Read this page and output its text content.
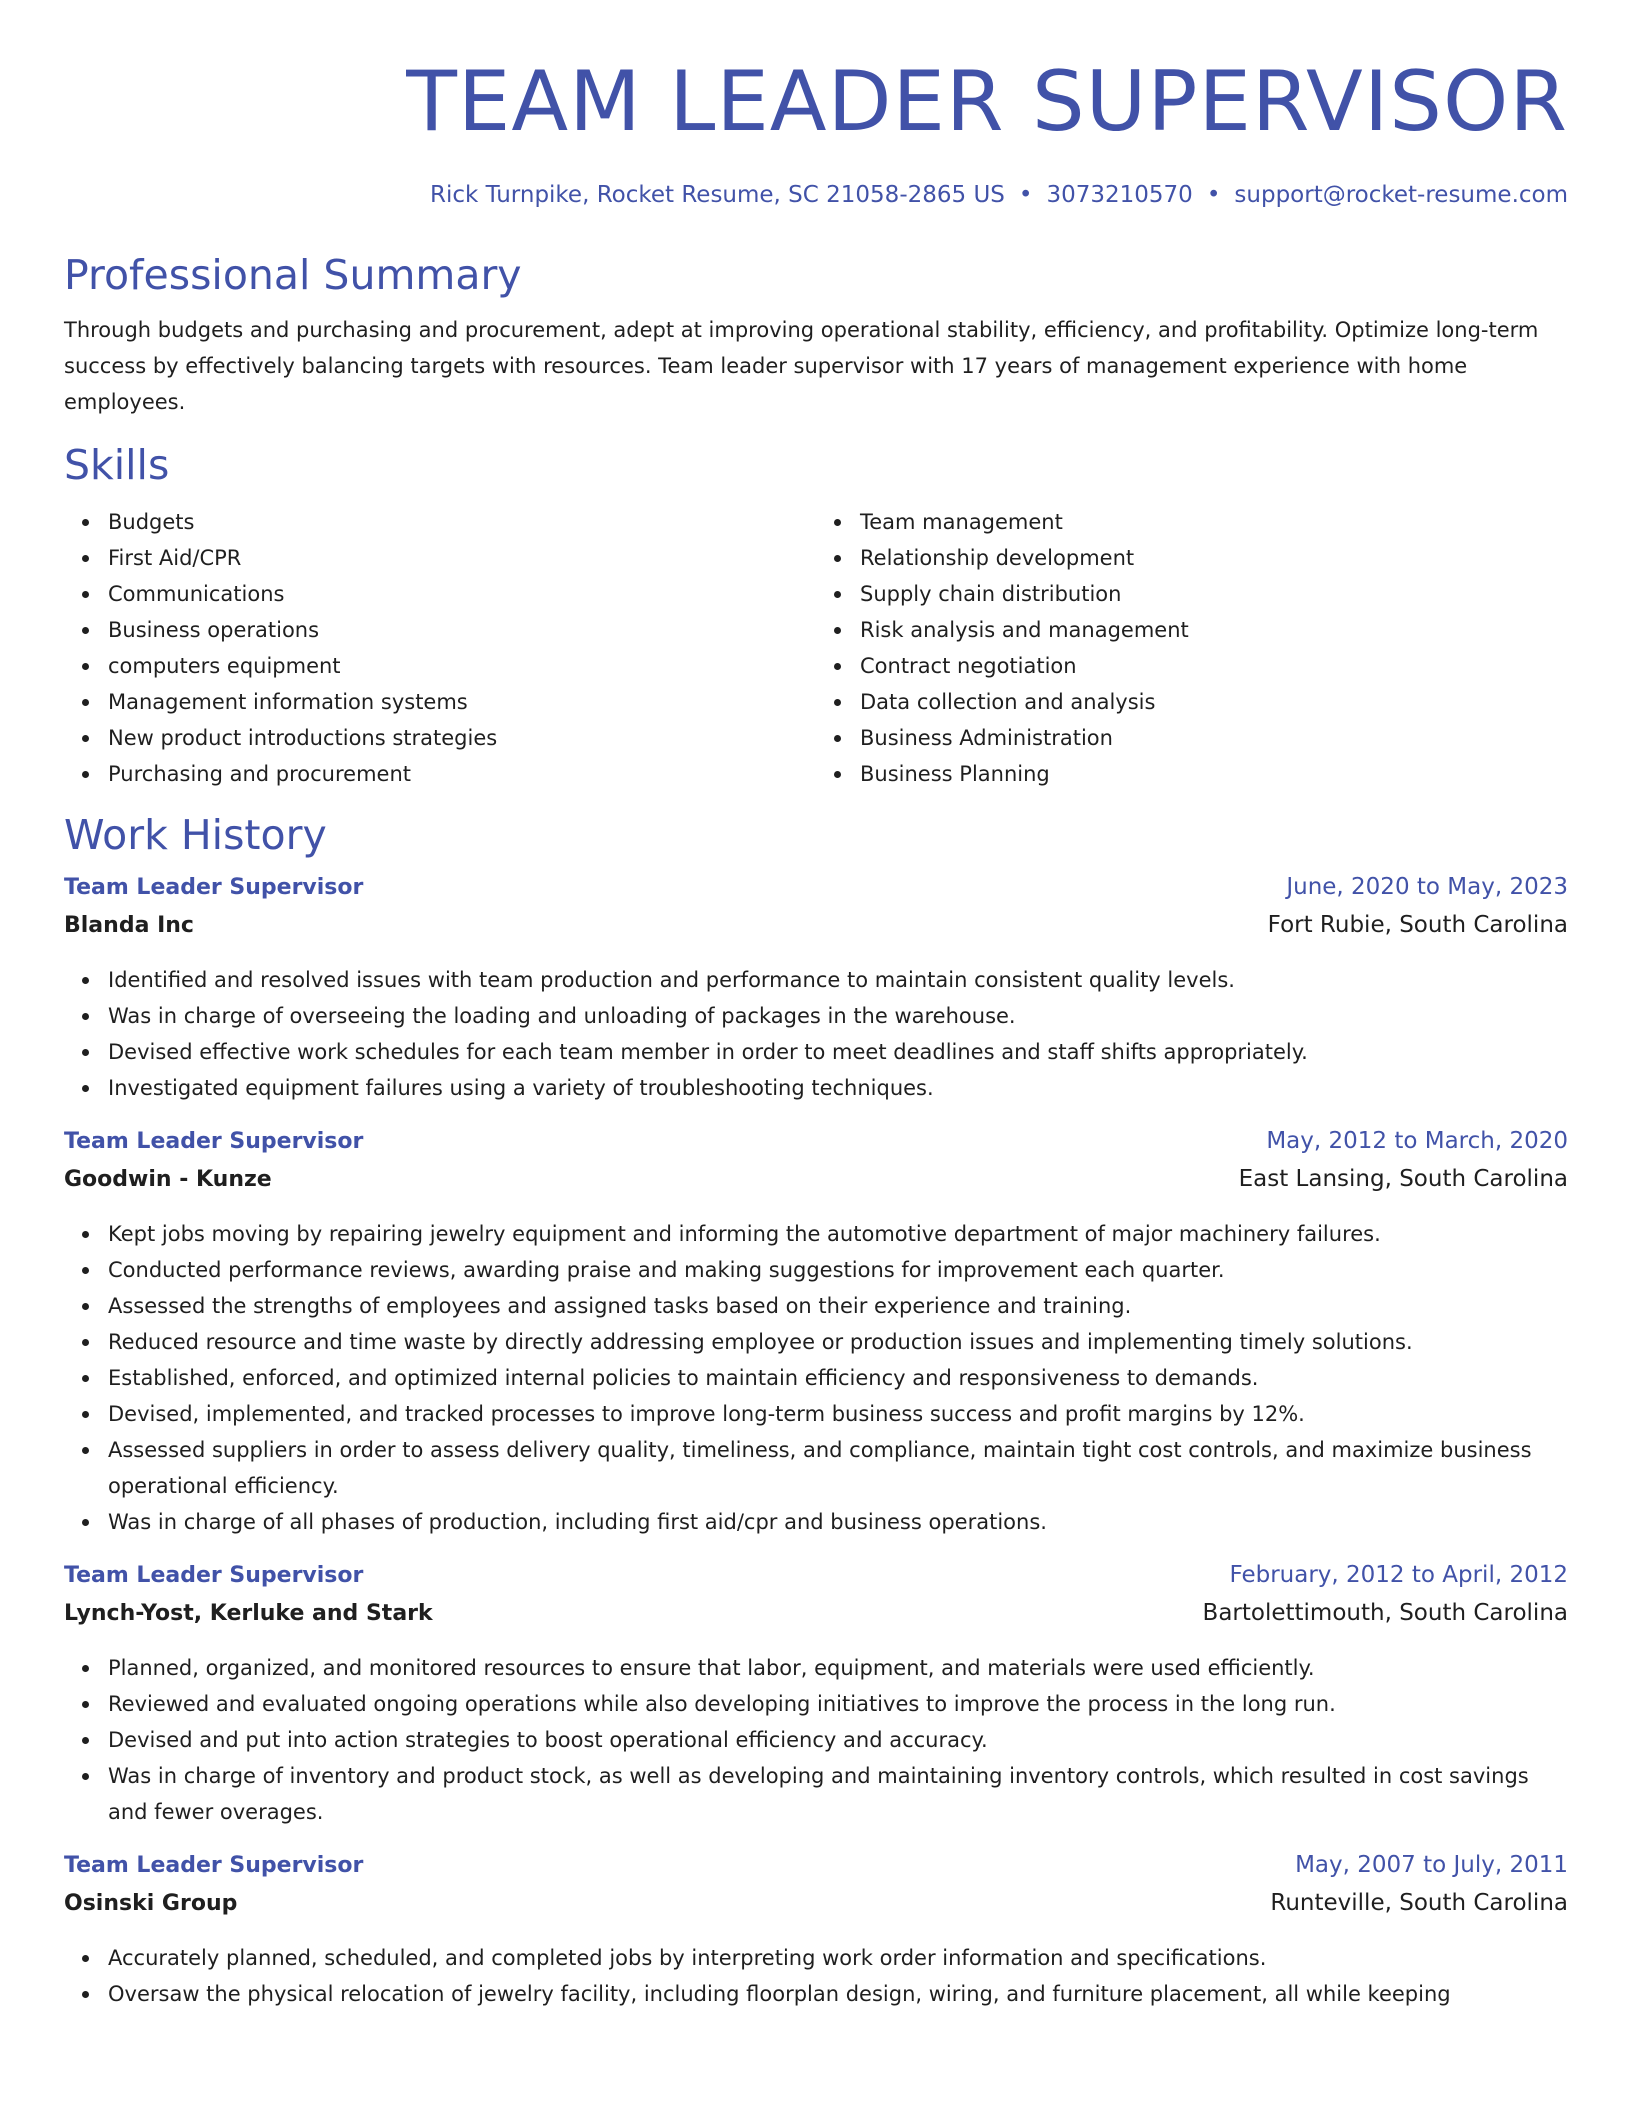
TEAM LEADER SUPERVISOR
Rick Turnpike, Rocket Resume, SC 21058-2865 US • 3073210570 • support@rocket-resume.com
Professional Summary

Through budgets and purchasing and procurement, adept at improving operational stability, efficiency, and profitability. Optimize long-term success by effectively balancing targets with resources. Team leader supervisor with 17 years of management experience with home employees.

Skills
Budgets
First Aid/CPR
Communications
Business operations
computers equipment
Management information systems
New product introductions strategies
Purchasing and procurement
Team management
Relationship development
Supply chain distribution
Risk analysis and management
Contract negotiation
Data collection and analysis
Business Administration
Business Planning
Work History
Team Leader Supervisor	June, 2020 to May, 2023
Blanda Inc	Fort Rubie, South Carolina
Identified and resolved issues with team production and performance to maintain consistent quality levels.
Was in charge of overseeing the loading and unloading of packages in the warehouse.
Devised effective work schedules for each team member in order to meet deadlines and staff shifts appropriately.
Investigated equipment failures using a variety of troubleshooting techniques.
Team Leader Supervisor	May, 2012 to March, 2020
Goodwin - Kunze	East Lansing, South Carolina
Kept jobs moving by repairing jewelry equipment and informing the automotive department of major machinery failures.
Conducted performance reviews, awarding praise and making suggestions for improvement each quarter.
Assessed the strengths of employees and assigned tasks based on their experience and training.
Reduced resource and time waste by directly addressing employee or production issues and implementing timely solutions.
Established, enforced, and optimized internal policies to maintain efficiency and responsiveness to demands.
Devised, implemented, and tracked processes to improve long-term business success and profit margins by 12%.
Assessed suppliers in order to assess delivery quality, timeliness, and compliance, maintain tight cost controls, and maximize business operational efficiency.
Was in charge of all phases of production, including first aid/cpr and business operations.
Team Leader Supervisor	February, 2012 to April, 2012
Lynch-Yost, Kerluke and Stark	Bartolettimouth, South Carolina
Planned, organized, and monitored resources to ensure that labor, equipment, and materials were used efficiently.
Reviewed and evaluated ongoing operations while also developing initiatives to improve the process in the long run.
Devised and put into action strategies to boost operational efficiency and accuracy.
Was in charge of inventory and product stock, as well as developing and maintaining inventory controls, which resulted in cost savings and fewer overages.
Team Leader Supervisor	May, 2007 to July, 2011
Osinski Group	Runteville, South Carolina
Accurately planned, scheduled, and completed jobs by interpreting work order information and specifications.
Oversaw the physical relocation of jewelry facility, including floorplan design, wiring, and furniture placement, all while keeping
